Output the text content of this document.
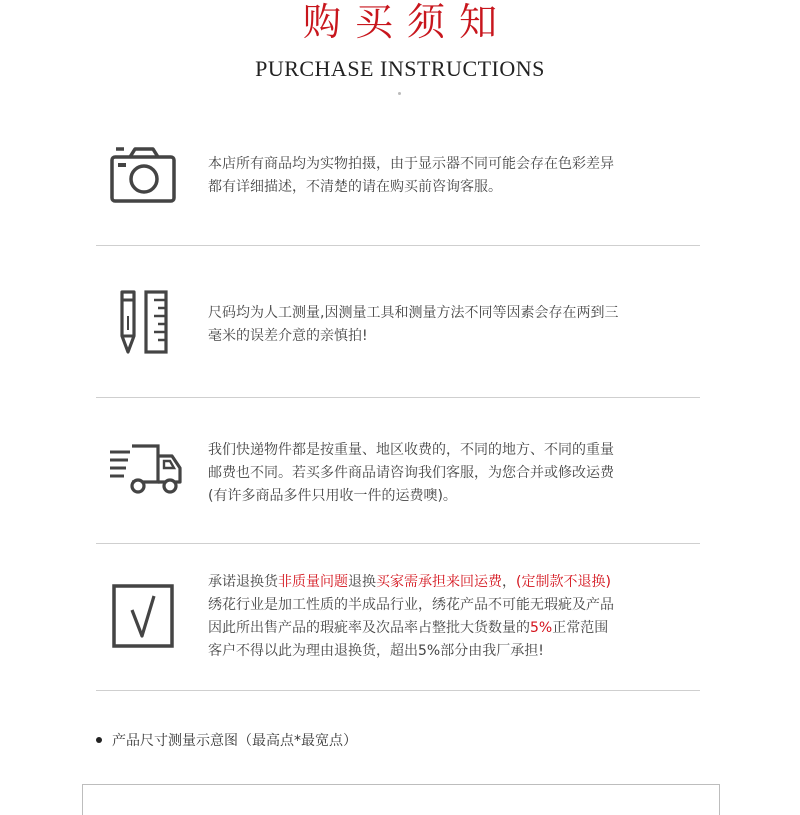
购买须知
PURCHASE INSTRUCTIONS

本店所有商品均为实物拍摄，由于显示器不同可能会存在色彩差异

都有详细描述，不清楚的请在购买前咨询客服。

尺码均为人工测量,因测量工具和测量方法不同等因素会存在两到三

毫米的误差介意的亲慎拍!

我们快递物件都是按重量、地区收费的，不同的地方、不同的重量

邮费也不同。若买多件商品请咨询我们客服，为您合并或修改运费

(有许多商品多件只用收一件的运费噢)。

承诺退换货非质量问题退换买家需承担来回运费，(定制款不退换)

绣花行业是加工性质的半成品行业，绣花产品不可能无瑕疵及产品

因此所出售产品的瑕疵率及次品率占整批大货数量的5%正常范围

客户不得以此为理由退换货，超出5%部分由我厂承担!

产品尺寸测量示意图（最高点*最宽点）
